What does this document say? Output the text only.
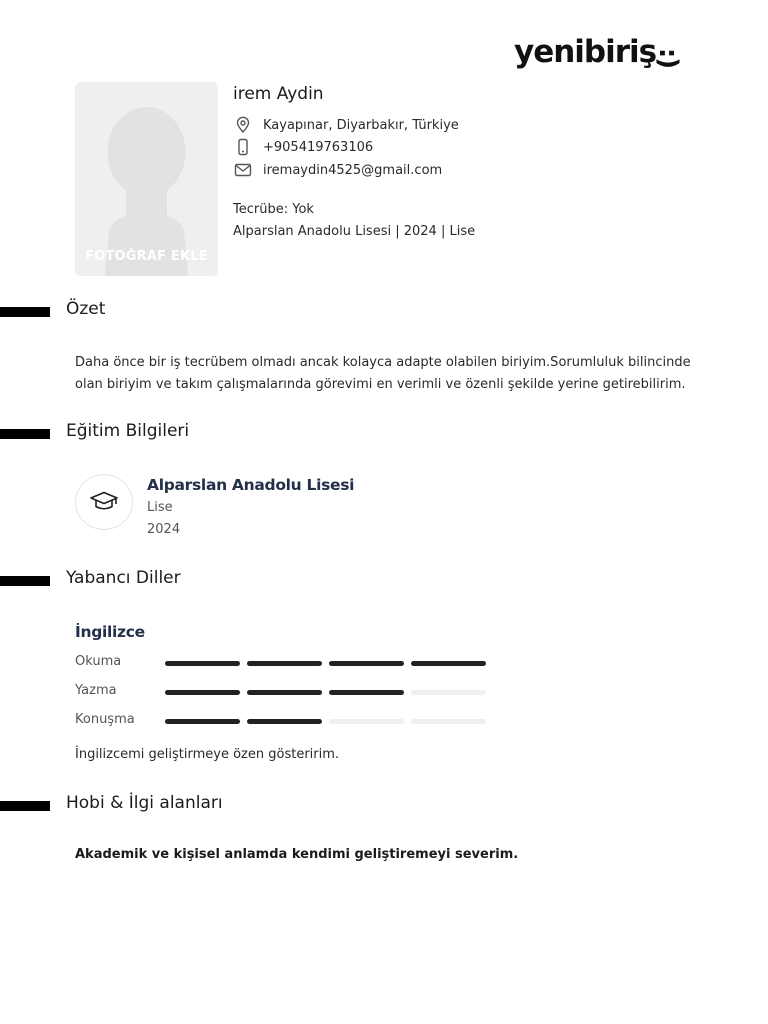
yenibiriş:)
FOTOĞRAF EKLE
irem Aydin
Kayapınar, Diyarbakır, Türkiye
+905419763106
iremaydin4525@gmail.com
Tecrübe: Yok
Alparslan Anadolu Lisesi | 2024 | Lise
Özet
Daha önce bir iş tecrübem olmadı ancak kolayca adapte olabilen biriyim.Sorumluluk bilincinde olan biriyim ve takım çalışmalarında görevimi en verimli ve özenli şekilde yerine getirebilirim.
Eğitim Bilgileri
Alparslan Anadolu Lisesi
Lise
2024
Yabancı Diller
İngilizce
Okuma
Yazma
Konuşma
İngilizcemi geliştirmeye özen gösteririm.
Hobi & İlgi alanları
Akademik ve kişisel anlamda kendimi geliştiremeyi severim.
